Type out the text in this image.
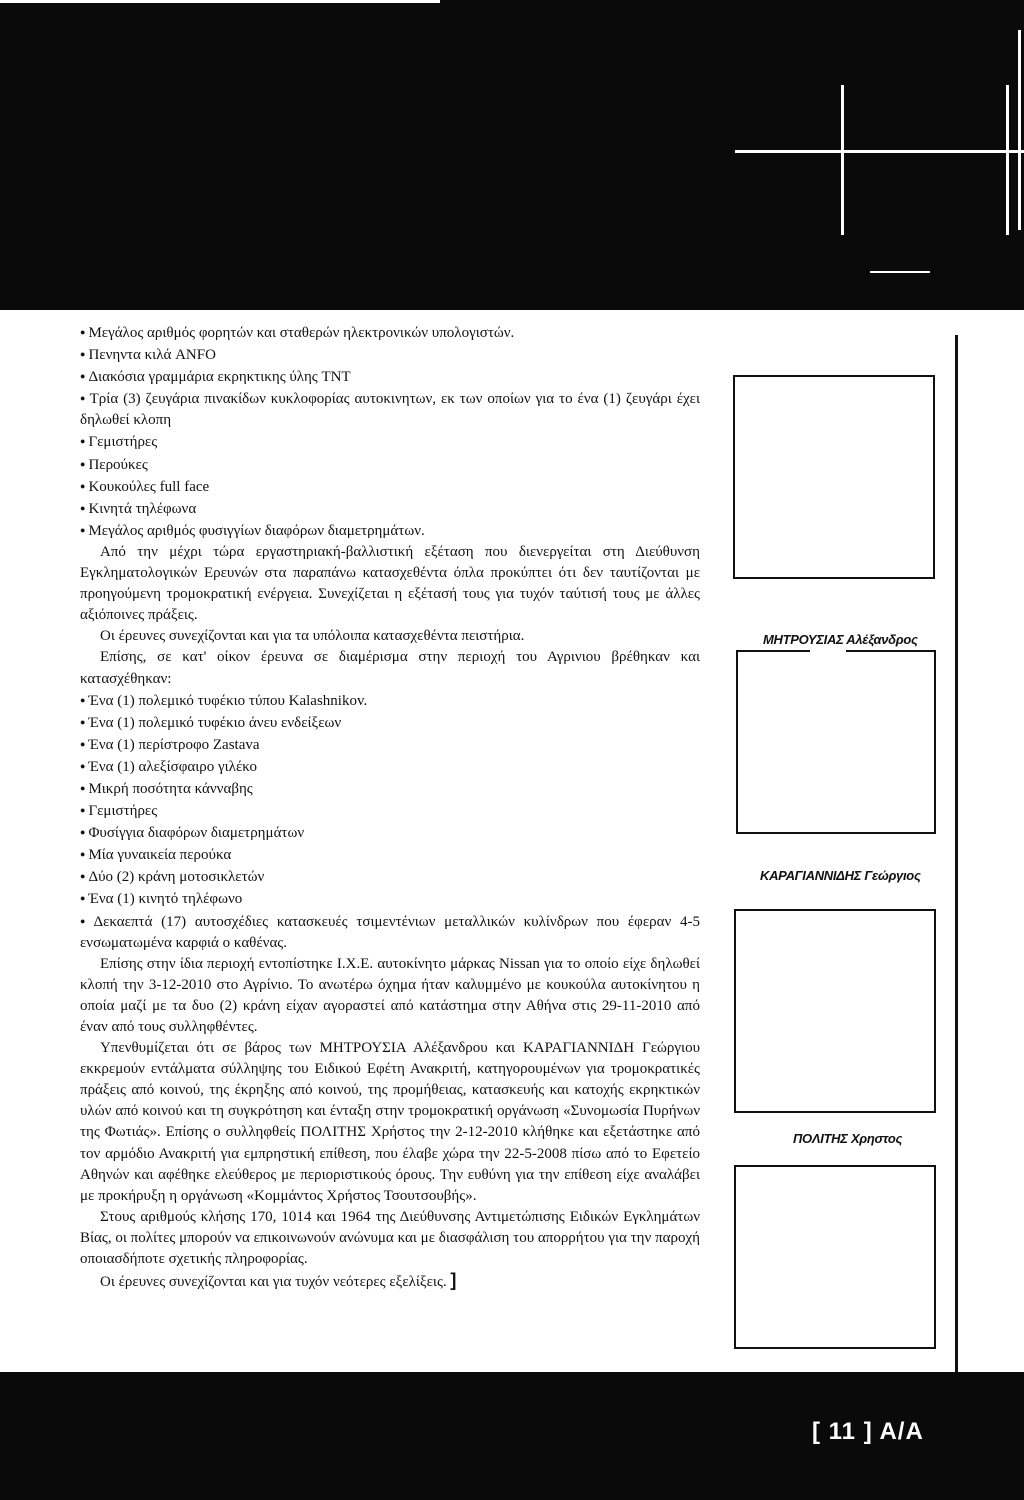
● Μεγάλος αριθμός φορητών και σταθερών ηλεκτρονικών υπολογιστών.

● Πενηντα κιλά ANFO

● Διακόσια γραμμάρια εκρηκτικης ύλης TNT

● Τρία (3) ζευγάρια πινακίδων κυκλοφορίας αυτοκινητων, εκ των οποίων για το ένα (1) ζευγάρι έχει δηλωθεί κλοπη

● Γεμιστήρες

● Περούκες

● Κουκούλες full face

● Κινητά τηλέφωνα

● Μεγάλος αριθμός φυσιγγίων διαφόρων διαμετρημάτων.

Από την μέχρι τώρα εργαστηριακή-βαλλιστική εξέταση που διενεργείται στη Διεύθυνση Εγκληματολογικών Ερευνών στα παραπάνω κατασχεθέντα όπλα προκύπτει ότι δεν ταυτίζονται με προηγούμενη τρομοκρατική ενέργεια. Συνεχίζεται η εξέτασή τους για τυχόν ταύτισή τους με άλλες αξιόποινες πράξεις.

Οι έρευνες συνεχίζονται και για τα υπόλοιπα κατασχεθέντα πειστήρια.

Επίσης, σε κατ' οίκον έρευνα σε διαμέρισμα στην περιοχή του Αγρινιου βρέθηκαν και κατασχέθηκαν:

● Ένα (1) πολεμικό τυφέκιο τύπου Kalashnikov.

● Ένα (1) πολεμικό τυφέκιο άνευ ενδείξεων

● Ένα (1) περίστροφο Zastava

● Ένα (1) αλεξίσφαιρο γιλέκο

● Μικρή ποσότητα κάνναβης

● Γεμιστήρες

● Φυσίγγια διαφόρων διαμετρημάτων

● Μία γυναικεία περούκα

● Δύο (2) κράνη μοτοσικλετών

● Ένα (1) κινητό τηλέφωνο

● Δεκαεπτά (17) αυτοσχέδιες κατασκευές τσιμεντένιων μεταλλικών κυλίνδρων που έφεραν 4-5 ενσωματωμένα καρφιά ο καθένας.

Επίσης στην ίδια περιοχή εντοπίστηκε Ι.Χ.Ε. αυτοκίνητο μάρκας Nissan για το οποίο είχε δηλωθεί κλοπή την 3-12-2010 στο Αγρίνιο. Το ανωτέρω όχημα ήταν καλυμμένο με κουκούλα αυτοκίνητου η οποία μαζί με τα δυο (2) κράνη είχαν αγοραστεί από κατάστημα στην Αθήνα στις 29-11-2010 από έναν από τους συλληφθέντες.

Υπενθυμίζεται ότι σε βάρος των ΜΗΤΡΟΥΣΙΑ Αλέξανδρου και ΚΑΡΑΓΙΑΝΝΙΔΗ Γεώργιου εκκρεμούν εντάλματα σύλληψης του Ειδικού Εφέτη Ανακριτή, κατηγορουμένων για τρομοκρατικές πράξεις από κοινού, της έκρηξης από κοινού, της προμήθειας, κατασκευής και κατοχής εκρηκτικών υλών από κοινού και τη συγκρότηση και ένταξη στην τρομοκρατική οργάνωση «Συνομωσία Πυρήνων της Φωτιάς». Επίσης ο συλληφθείς ΠΟΛΙΤΗΣ Χρήστος την 2-12-2010 κλήθηκε και εξετάστηκε από τον αρμόδιο Ανακριτή για εμπρηστική επίθεση, που έλαβε χώρα την 22-5-2008 πίσω από το Εφετείο Αθηνών και αφέθηκε ελεύθερος με περιοριστικούς όρους. Την ευθύνη για την επίθεση είχε αναλάβει με προκήρυξη η οργάνωση «Κομμάντος Χρήστος Τσουτσουβής».

Στους αριθμούς κλήσης 170, 1014 και 1964 της Διεύθυνσης Αντιμετώπισης Ειδικών Εγκλημάτων Βίας, οι πολίτες μπορούν να επικοινωνούν ανώνυμα και με διασφάλιση του απορρήτου για την παροχή οποιασδήποτε σχετικής πληροφορίας.

Οι έρευνες συνεχίζονται και για τυχόν νεότερες εξελίξεις. ]

ΜΗΤΡΟΥΣΙΑΣ Αλέξανδρος
ΚΑΡΑΓΙΑΝΝΙΔΗΣ Γεώργιος
ΠΟΛΙΤΗΣ Χρηστος
[ 11 ] Α/Α
